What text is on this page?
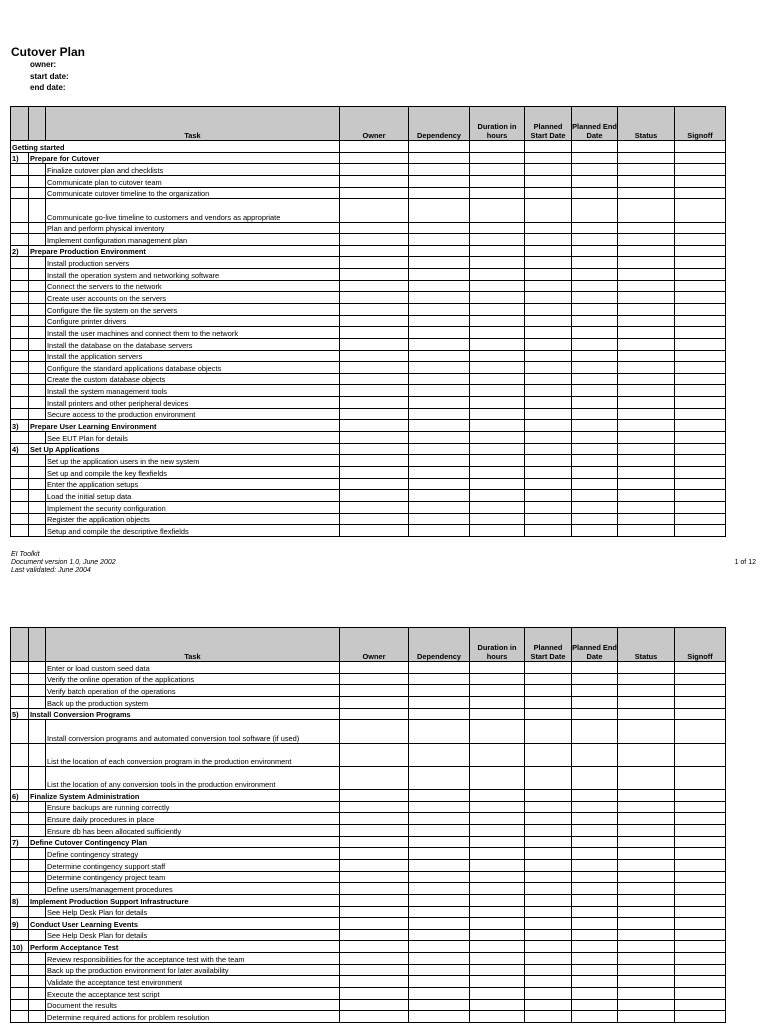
Cutover Plan
owner:
start date:
end date:
		Task	Owner	Dependency	Duration in hours	Planned Start Date	Planned End Date	Status	Signoff
Getting started									
1)	Prepare for Cutover								
		Finalize cutover plan and checklists							
		Communicate plan to cutover team							
		Communicate cutover timeline to the organization							
		Communicate go-live timeline to customers and vendors as appropriate							
		Plan and perform physical inventory							
		Implement configuration management plan							
2)	Prepare Production Environment								
		Install production servers							
		Install the operation system and networking software							
		Connect the servers to the network							
		Create user accounts on the servers							
		Configure the file system on the servers							
		Configure printer drivers							
		Install the user machines and connect them to the network							
		Install the database on the database servers							
		Install the application servers							
		Configure the standard applications database objects							
		Create the custom database objects							
		Install the system management tools							
		Install printers and other peripheral devices							
		Secure access to the production environment							
3)	Prepare User Learning Environment								
		See EUT Plan for details							
4)	Set Up Applications								
		Set up the application users in the new system							
		Set up and compile the key flexfields							
		Enter the application setups							
		Load the initial setup data							
		Implement the security configuration							
		Register the application objects							
		Setup and compile the descriptive flexfields							
EI Toolkit
Document version 1.0, June 2002
Last validated: June 2004
1 of 12
		Task	Owner	Dependency	Duration in hours	Planned Start Date	Planned End Date	Status	Signoff
		Enter or load custom seed data							
		Verify the online operation of the applications							
		Verify batch operation of the operations							
		Back up the production system							
5)	Install Conversion Programs								
		Install conversion programs and automated conversion tool software (if used)							
		List the location of each conversion program in the production environment							
		List the location of any conversion tools in the production environment							
6)	Finalize System Administration								
		Ensure backups are running correctly							
		Ensure daily procedures in place							
		Ensure db has been allocated sufficiently							
7)	Define Cutover Contingency Plan								
		Define contingency strategy							
		Determine contingency support staff							
		Determine contingency project team							
		Define users/management procedures							
8)	Implement Production Support Infrastructure								
		See Help Desk Plan for details							
9)	Conduct User Learning Events								
		See Help Desk Plan for details							
10)	Perform Acceptance Test								
		Review responsibilities for the acceptance test with the team							
		Back up the production environment for later availability							
		Validate the acceptance test environment							
		Execute the acceptance test script							
		Document the results							
		Determine required actions for problem resolution							
